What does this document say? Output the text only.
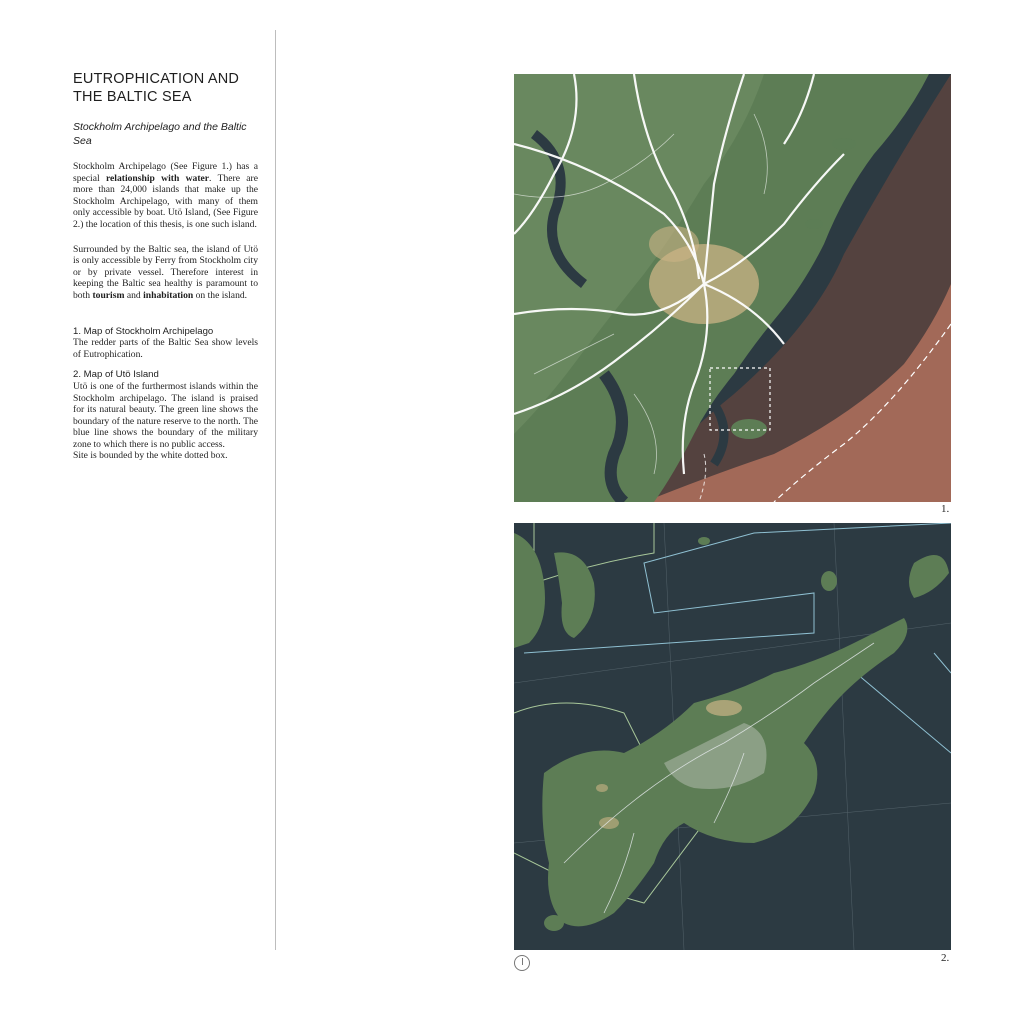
EUTROPHICATION AND
THE BALTIC SEA
Stockholm Archipelago and the Baltic Sea

Stockholm Archipelago (See Figure 1.) has a special relationship with water. There are more than 24,000 islands that make up the Stockholm Archipelago, with many of them only accessible by boat. Utö Island, (See Figure 2.) the location of this thesis, is one such island.

Surrounded by the Baltic sea, the island of Utö is only accessible by Ferry from Stockholm city or by private vessel. Therefore interest in keeping the Baltic sea healthy is paramount to both tourism and inhabitation on the island.

1. Map of Stockholm Archipelago
The redder parts of the Baltic Sea show levels of Eutrophication.
2. Map of Utö Island
Utö is one of the furthermost islands within the Stockholm archipelago. The island is praised for its natural beauty. The green line shows the boundary of the nature reserve to the north. The blue line shows the boundary of the military zone to which there is no public access.
Site is bounded by the white dotted box.
1.
2.
